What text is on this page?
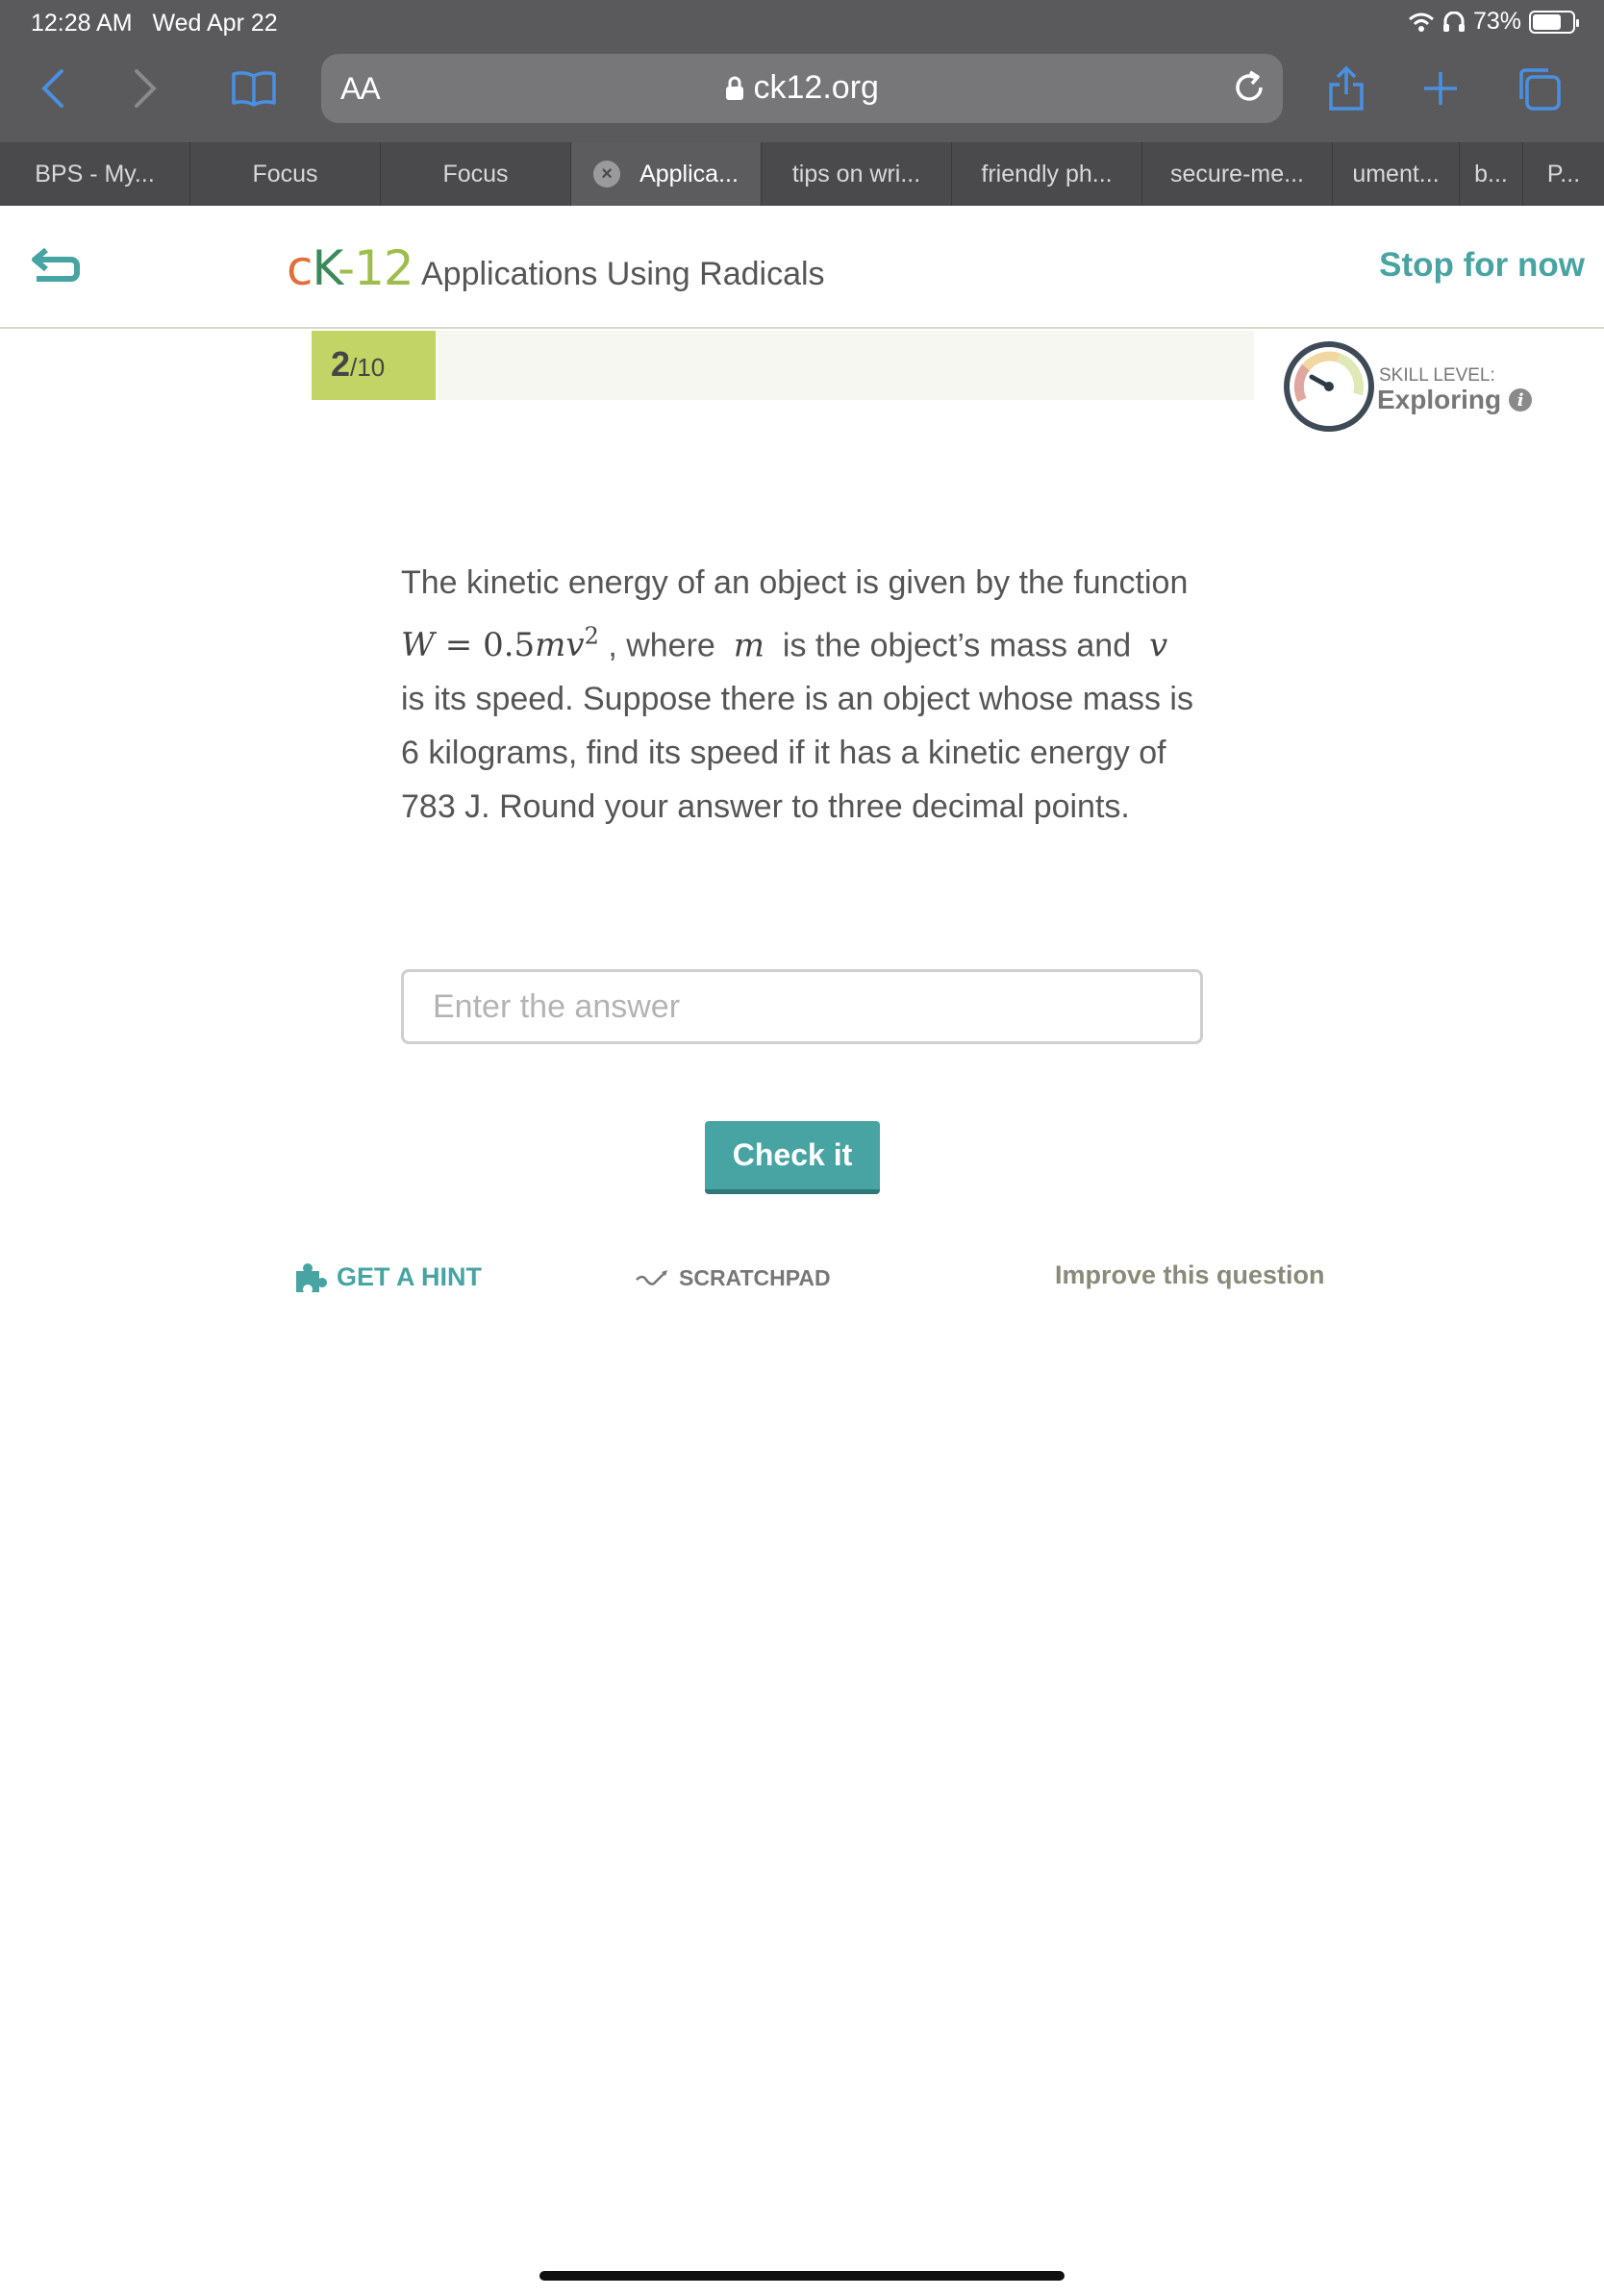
12:28 AM Wed Apr 22	73%
AA	ck12.org
BPS - My...	Focus	Focus	×	Applica... tips on wri...	friendly ph... secure-me... ument... b... P...
cK-12 Applications Using Radicals	Stop for now
2/10	SKILL LEVEL:
Exploring i
The kinetic energy of an object is given by the function  $W = 0.5mv^2$ , where m is the object’s mass and v  is its speed. Suppose there is an object whose mass is 6 kilograms, find its speed if it has a kinetic energy of 783 J. Round your answer to three decimal points.
Enter the answer
Check it
GET A HINT	SCRATCHPAD	Improve this question
